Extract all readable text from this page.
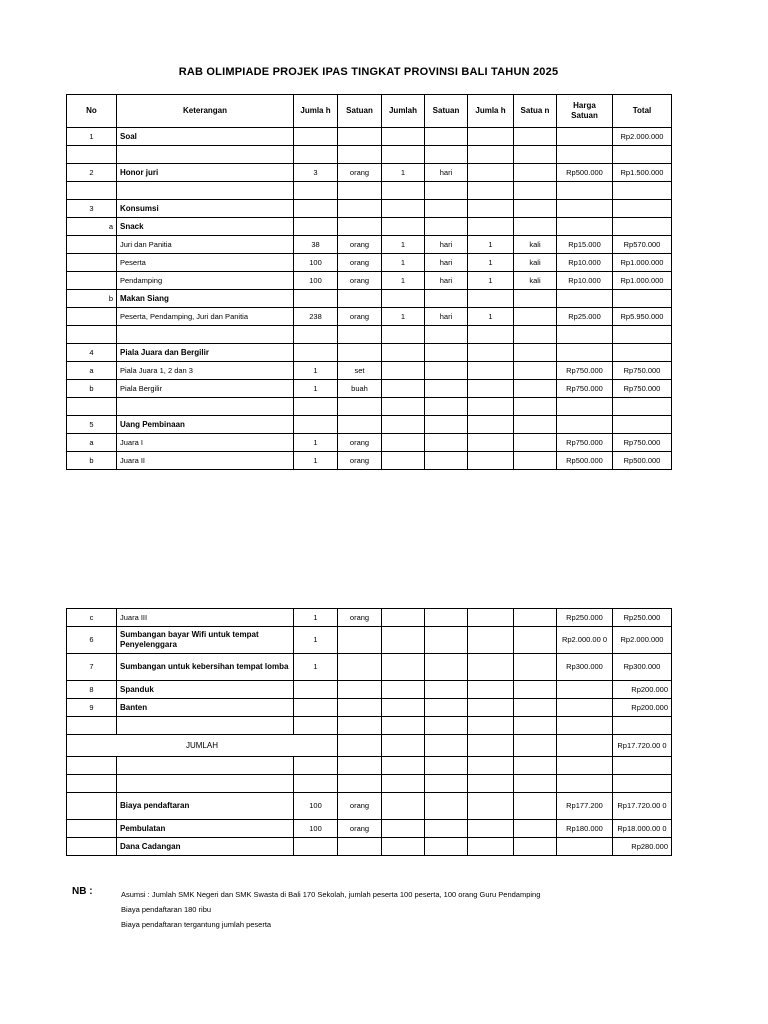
RAB OLIMPIADE PROJEK IPAS TINGKAT PROVINSI BALI TAHUN 2025
No	Keterangan	Jumla h	Satuan	Jumlah	Satuan	Jumla h	Satua n	Harga Satuan	Total
1	Soal								Rp2.000.000

2	Honor juri	3	orang	1	hari			Rp500.000	Rp1.500.000

3	Konsumsi								
a	Snack								
	Juri dan Panitia	38	orang	1	hari	1	kali	Rp15.000	Rp570.000
	Peserta	100	orang	1	hari	1	kali	Rp10.000	Rp1.000.000
	Pendamping	100	orang	1	hari	1	kali	Rp10.000	Rp1.000.000
b	Makan Siang								
	Peserta, Pendamping, Juri dan Panitia	238	orang	1	hari	1		Rp25.000	Rp5.950.000

4	Piala Juara dan Bergilir								
a	Piala Juara 1, 2 dan 3	1	set					Rp750.000	Rp750.000
b	Piala Bergilir	1	buah					Rp750.000	Rp750.000

5	Uang Pembinaan								
a	Juara I	1	orang					Rp750.000	Rp750.000
b	Juara II	1	orang					Rp500.000	Rp500.000
c	Juara III	1	orang					Rp250.000	Rp250.000
6	Sumbangan bayar Wifi untuk tempat Penyelenggara	1						Rp2.000.00 0	Rp2.000.000
7	Sumbangan untuk kebersihan tempat lomba	1						Rp300.000	Rp300.000
8	Spanduk								Rp200.000
9	Banten								Rp200.000

JUMLAH									Rp17.720.00 0

	Biaya pendaftaran	100	orang					Rp177.200	Rp17.720.00 0
	Pembulatan	100	orang					Rp180.000	Rp18.000.00 0
	Dana Cadangan								Rp280.000
NB :	Asumsi : Jumlah SMK Negeri dan SMK Swasta di Bali 170 Sekolah, jumlah peserta 100 peserta, 100 orang Guru Pendamping
Biaya pendaftaran 180 ribu
Biaya pendaftaran tergantung jumlah peserta
